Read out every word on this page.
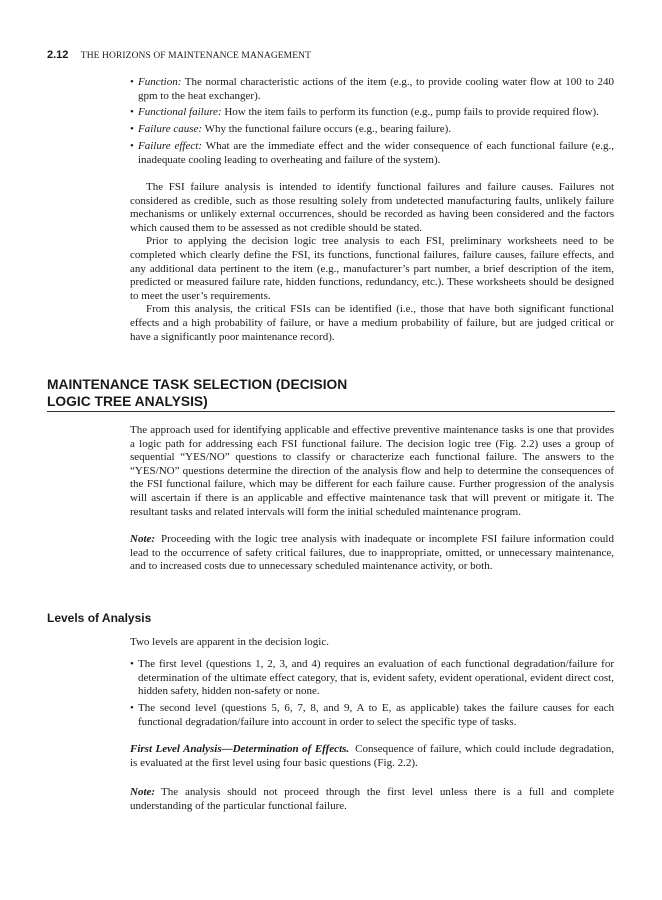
2.12 THE HORIZONS OF MAINTENANCE MANAGEMENT
• Function: The normal characteristic actions of the item (e.g., to provide cooling water flow at 100 to 240 gpm to the heat exchanger).
• Functional failure: How the item fails to perform its function (e.g., pump fails to provide required flow).
• Failure cause: Why the functional failure occurs (e.g., bearing failure).
• Failure effect: What are the immediate effect and the wider consequence of each functional failure (e.g., inadequate cooling leading to overheating and failure of the system).

The FSI failure analysis is intended to identify functional failures and failure causes. Failures not considered as credible, such as those resulting solely from undetected manufacturing faults, unlikely failure mechanisms or unlikely external occurrences, should be recorded as having been considered and the factors which caused them to be assessed as not credible should be stated.

Prior to applying the decision logic tree analysis to each FSI, preliminary worksheets need to be completed which clearly define the FSI, its functions, functional failures, failure causes, failure effects, and any additional data pertinent to the item (e.g., manufacturer’s part number, a brief description of the item, predicted or measured failure rate, hidden functions, redundancy, etc.). These worksheets should be designed to meet the user’s requirements.

From this analysis, the critical FSIs can be identified (i.e., those that have both significant functional effects and a high probability of failure, or have a medium probability of failure, but are judged critical or have a significantly poor maintenance record).

MAINTENANCE TASK SELECTION (DECISION
LOGIC TREE ANALYSIS)

The approach used for identifying applicable and effective preventive maintenance tasks is one that provides a logic path for addressing each FSI functional failure. The decision logic tree (Fig. 2.2) uses a group of sequential “YES/NO” questions to classify or characterize each functional failure. The answers to the “YES/NO” questions determine the direction of the analysis flow and help to determine the consequences of the FSI functional failure, which may be different for each failure cause. Further progression of the analysis will ascertain if there is an applicable and effective maintenance task that will prevent or mitigate it. The resultant tasks and related intervals will form the initial scheduled maintenance program.

Note: Proceeding with the logic tree analysis with inadequate or incomplete FSI failure information could lead to the occurrence of safety critical failures, due to inappropriate, omitted, or unnecessary maintenance, and to increased costs due to unnecessary scheduled maintenance activity, or both.

Levels of Analysis

Two levels are apparent in the decision logic.

• The first level (questions 1, 2, 3, and 4) requires an evaluation of each functional degradation/failure for determination of the ultimate effect category, that is, evident safety, evident operational, evident direct cost, hidden safety, hidden non-safety or none.
• The second level (questions 5, 6, 7, 8, and 9, A to E, as applicable) takes the failure causes for each functional degradation/failure into account in order to select the specific type of tasks.

First Level Analysis—Determination of Effects. Consequence of failure, which could include degradation, is evaluated at the first level using four basic questions (Fig. 2.2).

Note: The analysis should not proceed through the first level unless there is a full and complete understanding of the particular functional failure.
